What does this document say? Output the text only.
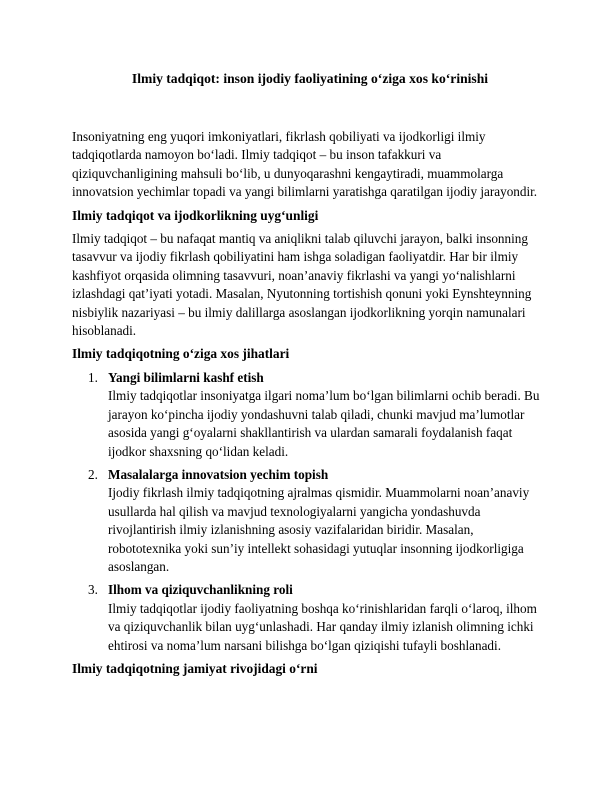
Ilmiy tadqiqot: inson ijodiy faoliyatining o‘ziga xos ko‘rinishi

Insoniyatning eng yuqori imkoniyatlari, fikrlash qobiliyati va ijodkorligi ilmiy tadqiqotlarda namoyon bo‘ladi. Ilmiy tadqiqot – bu inson tafakkuri va qiziquvchanligining mahsuli bo‘lib, u dunyoqarashni kengaytiradi, muammolarga innovatsion yechimlar topadi va yangi bilimlarni yaratishga qaratilgan ijodiy jarayondir.

Ilmiy tadqiqot va ijodkorlikning uyg‘unligi

Ilmiy tadqiqot – bu nafaqat mantiq va aniqlikni talab qiluvchi jarayon, balki insonning tasavvur va ijodiy fikrlash qobiliyatini ham ishga soladigan faoliyatdir. Har bir ilmiy kashfiyot orqasida olimning tasavvuri, noan’anaviy fikrlashi va yangi yo‘nalishlarni izlashdagi qat’iyati yotadi. Masalan, Nyutonning tortishish qonuni yoki Eynshteynning nisbiylik nazariyasi – bu ilmiy dalillarga asoslangan ijodkorlikning yorqin namunalari hisoblanadi.

Ilmiy tadqiqotning o‘ziga xos jihatlari
1. Yangi bilimlarni kashf etish
Ilmiy tadqiqotlar insoniyatga ilgari noma’lum bo‘lgan bilimlarni ochib beradi. Bu jarayon ko‘pincha ijodiy yondashuvni talab qiladi, chunki mavjud ma’lumotlar asosida yangi g‘oyalarni shakllantirish va ulardan samarali foydalanish faqat ijodkor shaxsning qo‘lidan keladi.
2. Masalalarga innovatsion yechim topish
Ijodiy fikrlash ilmiy tadqiqotning ajralmas qismidir. Muammolarni noan’anaviy usullarda hal qilish va mavjud texnologiyalarni yangicha yondashuvda rivojlantirish ilmiy izlanishning asosiy vazifalaridan biridir. Masalan, robototexnika yoki sun’iy intellekt sohasidagi yutuqlar insonning ijodkorligiga asoslangan.
3. Ilhom va qiziquvchanlikning roli
Ilmiy tadqiqotlar ijodiy faoliyatning boshqa ko‘rinishlaridan farqli o‘laroq, ilhom va qiziquvchanlik bilan uyg‘unlashadi. Har qanday ilmiy izlanish olimning ichki ehtirosi va noma’lum narsani bilishga bo‘lgan qiziqishi tufayli boshlanadi.
Ilmiy tadqiqotning jamiyat rivojidagi o‘rni
